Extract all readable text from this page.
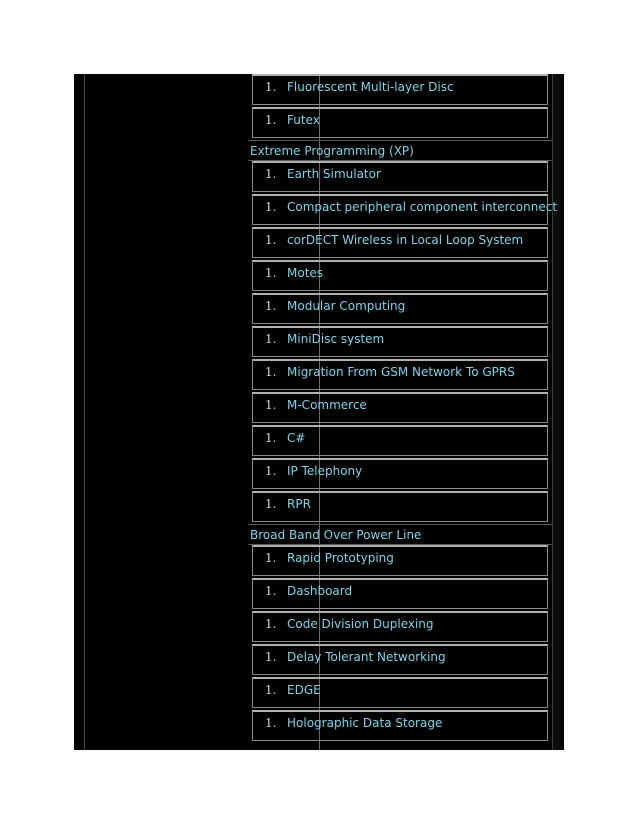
1. Fluorescent Multi-layer Disc
1. Futex
Extreme Programming (XP)
1. Earth Simulator
1. Compact peripheral component interconnect
1. corDECT Wireless in Local Loop System
1. Motes
1. Modular Computing
1. MiniDisc system
1. Migration From GSM Network To GPRS
1. M-Commerce
1. C#
1. IP Telephony
1. RPR
Broad Band Over Power Line
1. Rapid Prototyping
1. Dashboard
1. Code Division Duplexing
1. Delay Tolerant Networking
1. EDGE
1. Holographic Data Storage
